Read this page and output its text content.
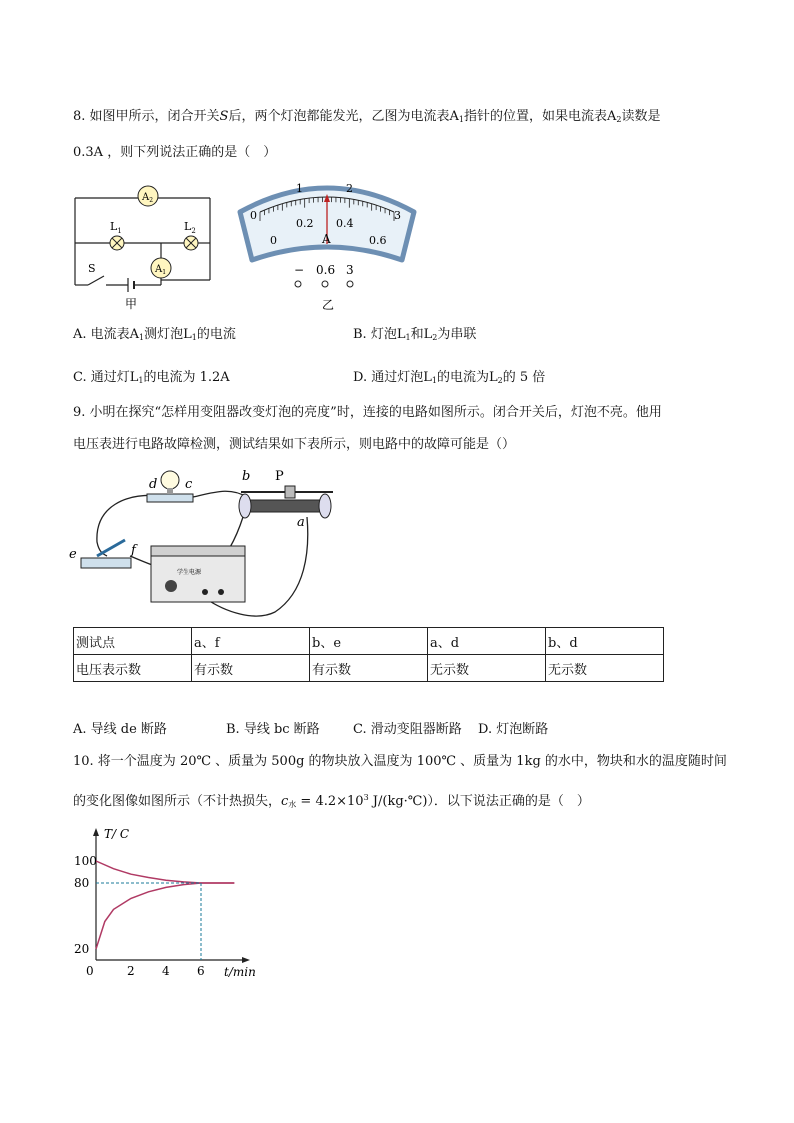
8. 如图甲所示，闭合开关S后，两个灯泡都能发光，乙图为电流表$A_1$指针的位置，如果电流表$A_2$读数是
0.3A ，则下列说法正确的是（　）
$A_2$
$L_1$	$L_2$
$A_1$
S
甲
0
1	2
3
0
0.2 0.4
0.6
A
− 0.6 3
乙
A. 电流表$A_1$测灯泡$L_1$的电流	B. 灯泡$L_1$和$L_2$为串联
C. 通过灯$L_1$的电流为 1.2A	D. 通过灯泡$L_1$的电流为$L_2$的 5 倍
9. 小明在探究“怎样用变阻器改变灯泡的亮度”时，连接的电路如图所示。闭合开关后，灯泡不亮。他用
电压表进行电路故障检测，测试结果如下表所示，则电路中的故障可能是（）
d c
b P
a
e	f
学生电源
测试点	a、f	b、e	a、d	b、d
电压表示数	有示数	有示数	无示数	无示数
A. 导线 de 断路	B. 导线 bc 断路	C. 滑动变阻器断路 D. 灯泡断路
10. 将一个温度为 20℃ 、质量为 500g 的物块放入温度为 100℃ 、质量为 1kg 的水中，物块和水的温度随时间
的变化图像如图所示（不计热损失，$c_水 = 4.2\times 10^3$ J/(kg·℃)）．以下说法正确的是（　）
T/ C
t/min
100
80
20
0	2 4 6
